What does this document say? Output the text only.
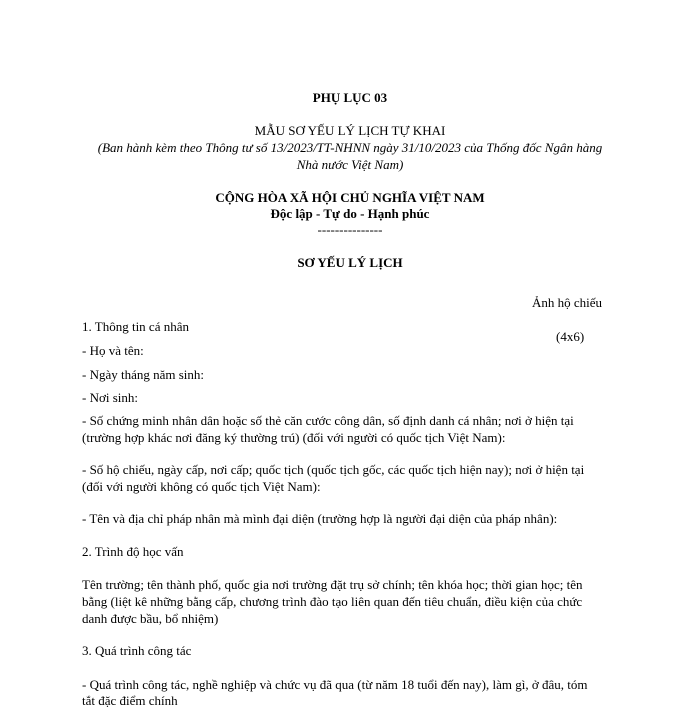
PHỤ LỤC 03
MẪU SƠ YẾU LÝ LỊCH TỰ KHAI
(Ban hành kèm theo Thông tư số 13/2023/TT-NHNN ngày 31/10/2023 của Thống đốc Ngân hàng
Nhà nước Việt Nam)
CỘNG HÒA XÃ HỘI CHỦ NGHĨA VIỆT NAM
Độc lập - Tự do - Hạnh phúc
---------------
SƠ YẾU LÝ LỊCH
Ảnh hộ chiếu
(4x6)
1. Thông tin cá nhân
- Họ và tên:
- Ngày tháng năm sinh:
- Nơi sinh:
- Số chứng minh nhân dân hoặc số thẻ căn cước công dân, số định danh cá nhân; nơi ở hiện tại
(trường hợp khác nơi đăng ký thường trú) (đối với người có quốc tịch Việt Nam):
- Số hộ chiếu, ngày cấp, nơi cấp; quốc tịch (quốc tịch gốc, các quốc tịch hiện nay); nơi ở hiện tại
(đối với người không có quốc tịch Việt Nam):
- Tên và địa chỉ pháp nhân mà mình đại diện (trường hợp là người đại diện của pháp nhân):
2. Trình độ học vấn
Tên trường; tên thành phố, quốc gia nơi trường đặt trụ sở chính; tên khóa học; thời gian học; tên
bằng (liệt kê những bằng cấp, chương trình đào tạo liên quan đến tiêu chuẩn, điều kiện của chức
danh được bầu, bổ nhiệm)
3. Quá trình công tác
- Quá trình công tác, nghề nghiệp và chức vụ đã qua (từ năm 18 tuổi đến nay), làm gì, ở đâu, tóm
tắt đặc điểm chính
